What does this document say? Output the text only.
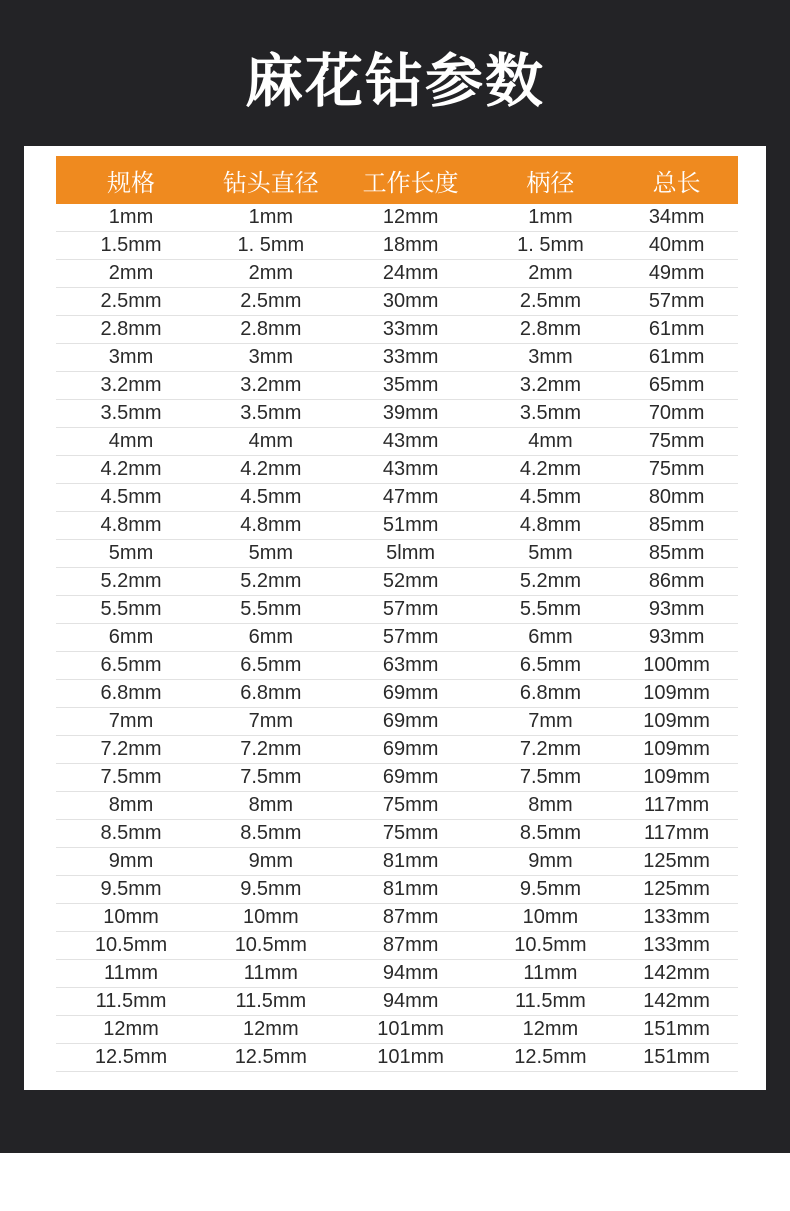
麻花钻参数
规格	钻头直径	工作长度	柄径	总长
1mm	1mm	12mm	1mm	34mm
1.5mm	1. 5mm	18mm	1. 5mm	40mm
2mm	2mm	24mm	2mm	49mm
2.5mm	2.5mm	30mm	2.5mm	57mm
2.8mm	2.8mm	33mm	2.8mm	61mm
3mm	3mm	33mm	3mm	61mm
3.2mm	3.2mm	35mm	3.2mm	65mm
3.5mm	3.5mm	39mm	3.5mm	70mm
4mm	4mm	43mm	4mm	75mm
4.2mm	4.2mm	43mm	4.2mm	75mm
4.5mm	4.5mm	47mm	4.5mm	80mm
4.8mm	4.8mm	51mm	4.8mm	85mm
5mm	5mm	5lmm	5mm	85mm
5.2mm	5.2mm	52mm	5.2mm	86mm
5.5mm	5.5mm	57mm	5.5mm	93mm
6mm	6mm	57mm	6mm	93mm
6.5mm	6.5mm	63mm	6.5mm	100mm
6.8mm	6.8mm	69mm	6.8mm	109mm
7mm	7mm	69mm	7mm	109mm
7.2mm	7.2mm	69mm	7.2mm	109mm
7.5mm	7.5mm	69mm	7.5mm	109mm
8mm	8mm	75mm	8mm	117mm
8.5mm	8.5mm	75mm	8.5mm	117mm
9mm	9mm	81mm	9mm	125mm
9.5mm	9.5mm	81mm	9.5mm	125mm
10mm	10mm	87mm	10mm	133mm
10.5mm	10.5mm	87mm	10.5mm	133mm
11mm	11mm	94mm	11mm	142mm
11.5mm	11.5mm	94mm	11.5mm	142mm
12mm	12mm	101mm	12mm	151mm
12.5mm	12.5mm	101mm	12.5mm	151mm
